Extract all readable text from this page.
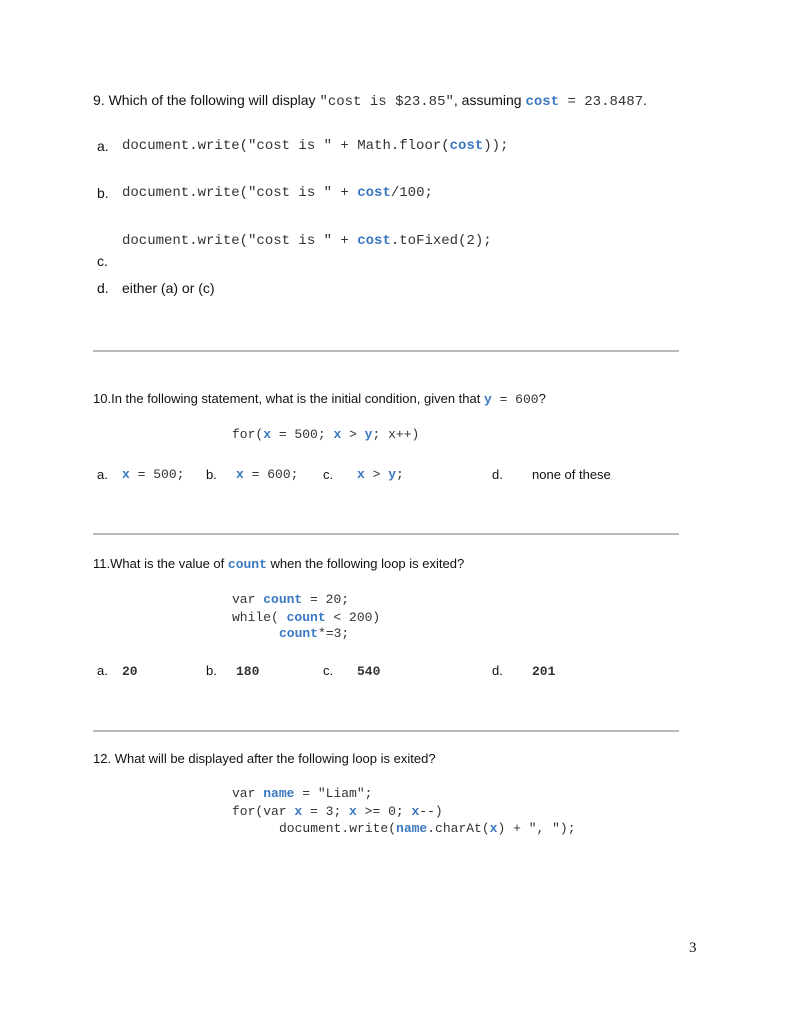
9. Which of the following will display "cost is $23.85", assuming cost = 23.8487.
a. document.write("cost is " + Math.floor(cost));
b. document.write("cost is " + cost/100;
document.write("cost is " + cost.toFixed(2);
c.
d. either (a) or (c)
10.In the following statement, what is the initial condition, given that y = 600?
for(x = 500; x > y; x++)
a. x = 500; b. x = 600; c. x > y;	d. none of these
11.What is the value of count when the following loop is exited?
var count = 20;
while( count < 200)
count*=3;
a. 20	b. 180	c. 540	d. 201
12. What will be displayed after the following loop is exited?
var name = "Liam";
for(var x = 3; x >= 0; x--)
document.write(name.charAt(x) + ", ");
3
